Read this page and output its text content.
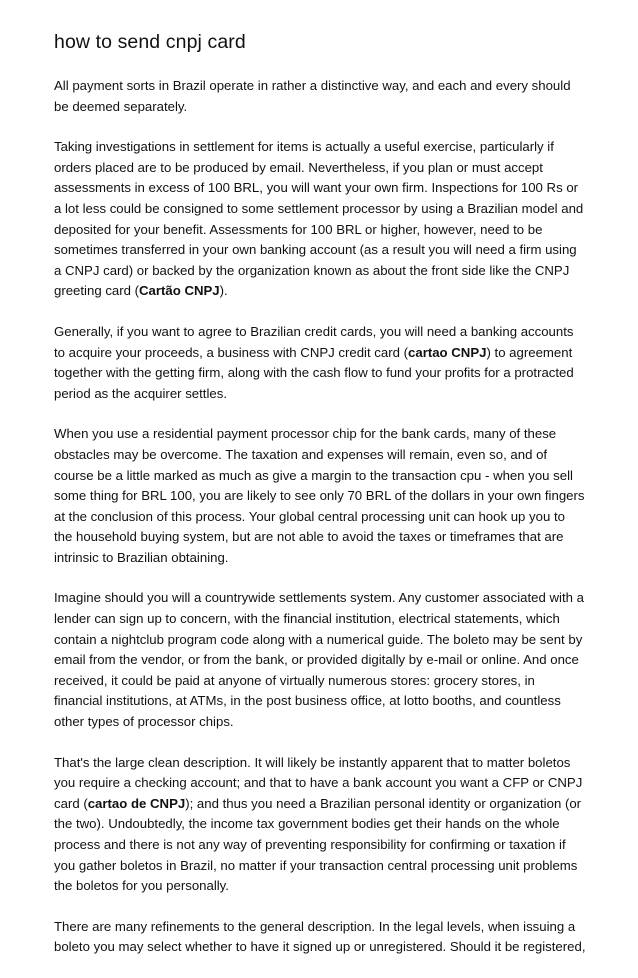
how to send cnpj card

All payment sorts in Brazil operate in rather a distinctive way, and each and every should be deemed separately.

Taking investigations in settlement for items is actually a useful exercise, particularly if orders placed are to be produced by email. Nevertheless, if you plan or must accept assessments in excess of 100 BRL, you will want your own firm. Inspections for 100 Rs or a lot less could be consigned to some settlement processor by using a Brazilian model and deposited for your benefit. Assessments for 100 BRL or higher, however, need to be sometimes transferred in your own banking account (as a result you will need a firm using a CNPJ card) or backed by the organization known as about the front side like the CNPJ greeting card (Cartão CNPJ).

Generally, if you want to agree to Brazilian credit cards, you will need a banking accounts to acquire your proceeds, a business with CNPJ credit card (cartao CNPJ) to agreement together with the getting firm, along with the cash flow to fund your profits for a protracted period as the acquirer settles.

When you use a residential payment processor chip for the bank cards, many of these obstacles may be overcome. The taxation and expenses will remain, even so, and of course be a little marked as much as give a margin to the transaction cpu - when you sell some thing for BRL 100, you are likely to see only 70 BRL of the dollars in your own fingers at the conclusion of this process. Your global central processing unit can hook up you to the household buying system, but are not able to avoid the taxes or timeframes that are intrinsic to Brazilian obtaining.

Imagine should you will a countrywide settlements system. Any customer associated with a lender can sign up to concern, with the financial institution, electrical statements, which contain a nightclub program code along with a numerical guide. The boleto may be sent by email from the vendor, or from the bank, or provided digitally by e-mail or online. And once received, it could be paid at anyone of virtually numerous stores: grocery stores, in financial institutions, at ATMs, in the post business office, at lotto booths, and countless other types of processor chips.

That's the large clean description. It will likely be instantly apparent that to matter boletos you require a checking account; and that to have a bank account you want a CFP or CNPJ card (cartao de CNPJ); and thus you need a Brazilian personal identity or organization (or the two). Undoubtedly, the income tax government bodies get their hands on the whole process and there is not any way of preventing responsibility for confirming or taxation if you gather boletos in Brazil, no matter if your transaction central processing unit problems the boletos for you personally.

There are many refinements to the general description. In the legal levels, when issuing a boleto you may select whether to have it signed up or unregistered. Should it be registered,
